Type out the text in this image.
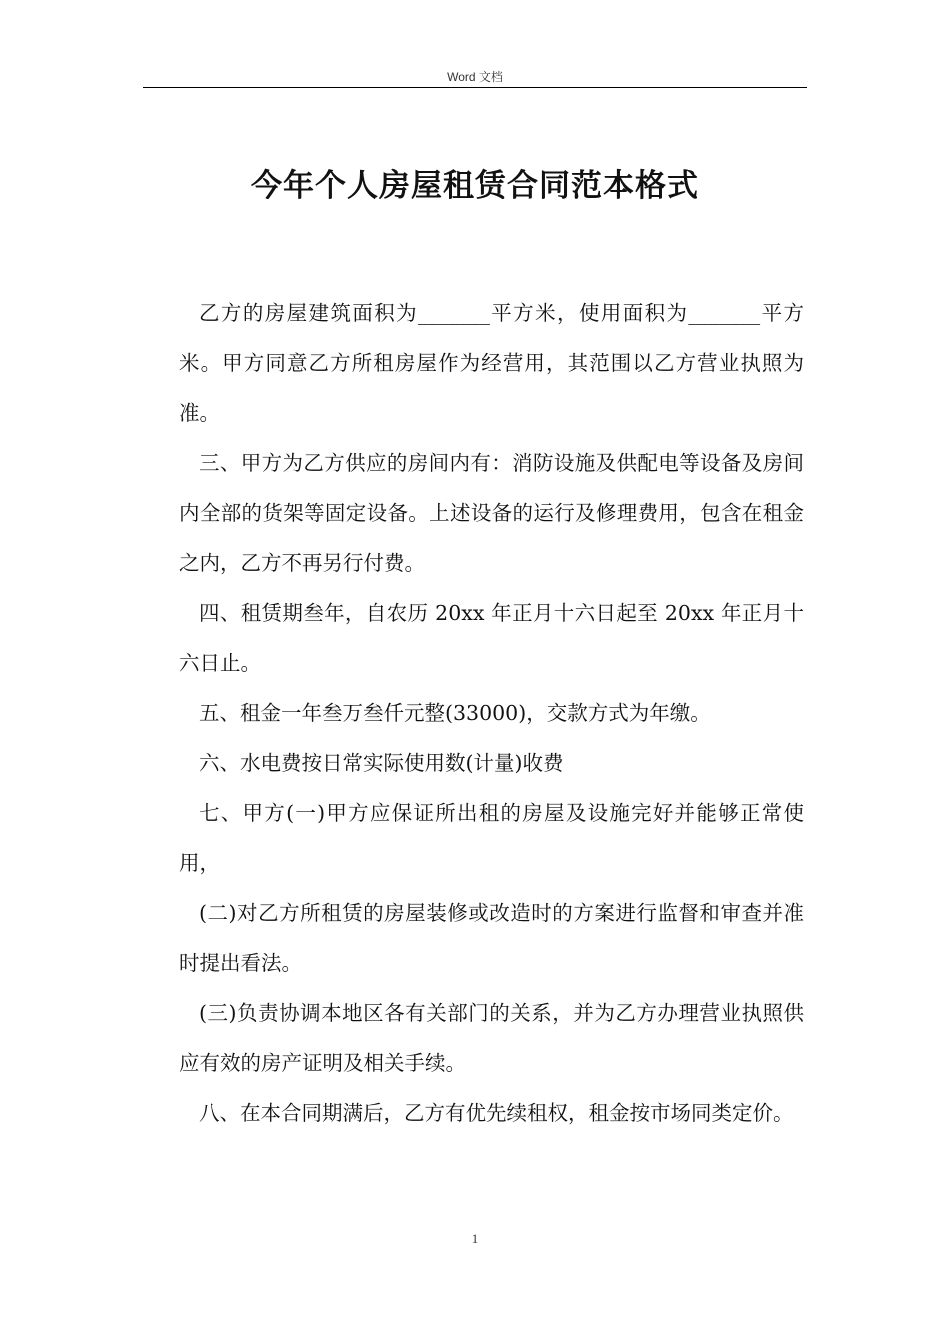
Word 文档
今年个人房屋租赁合同范本格式

乙方的房屋建筑面积为_______平方米，使用面积为_______平方米。甲方同意乙方所租房屋作为经营用，其范围以乙方营业执照为准。

三、甲方为乙方供应的房间内有：消防设施及供配电等设备及房间内全部的货架等固定设备。上述设备的运行及修理费用，包含在租金之内，乙方不再另行付费。

四、租赁期叁年，自农历 20xx 年正月十六日起至 20xx 年正月十六日止。

五、租金一年叁万叁仟元整(33000)，交款方式为年缴。

六、水电费按日常实际使用数(计量)收费

七、甲方(一)甲方应保证所出租的房屋及设施完好并能够正常使用，

(二)对乙方所租赁的房屋装修或改造时的方案进行监督和审查并准时提出看法。

(三)负责协调本地区各有关部门的关系，并为乙方办理营业执照供应有效的房产证明及相关手续。

八、在本合同期满后，乙方有优先续租权，租金按市场同类定价。

1
